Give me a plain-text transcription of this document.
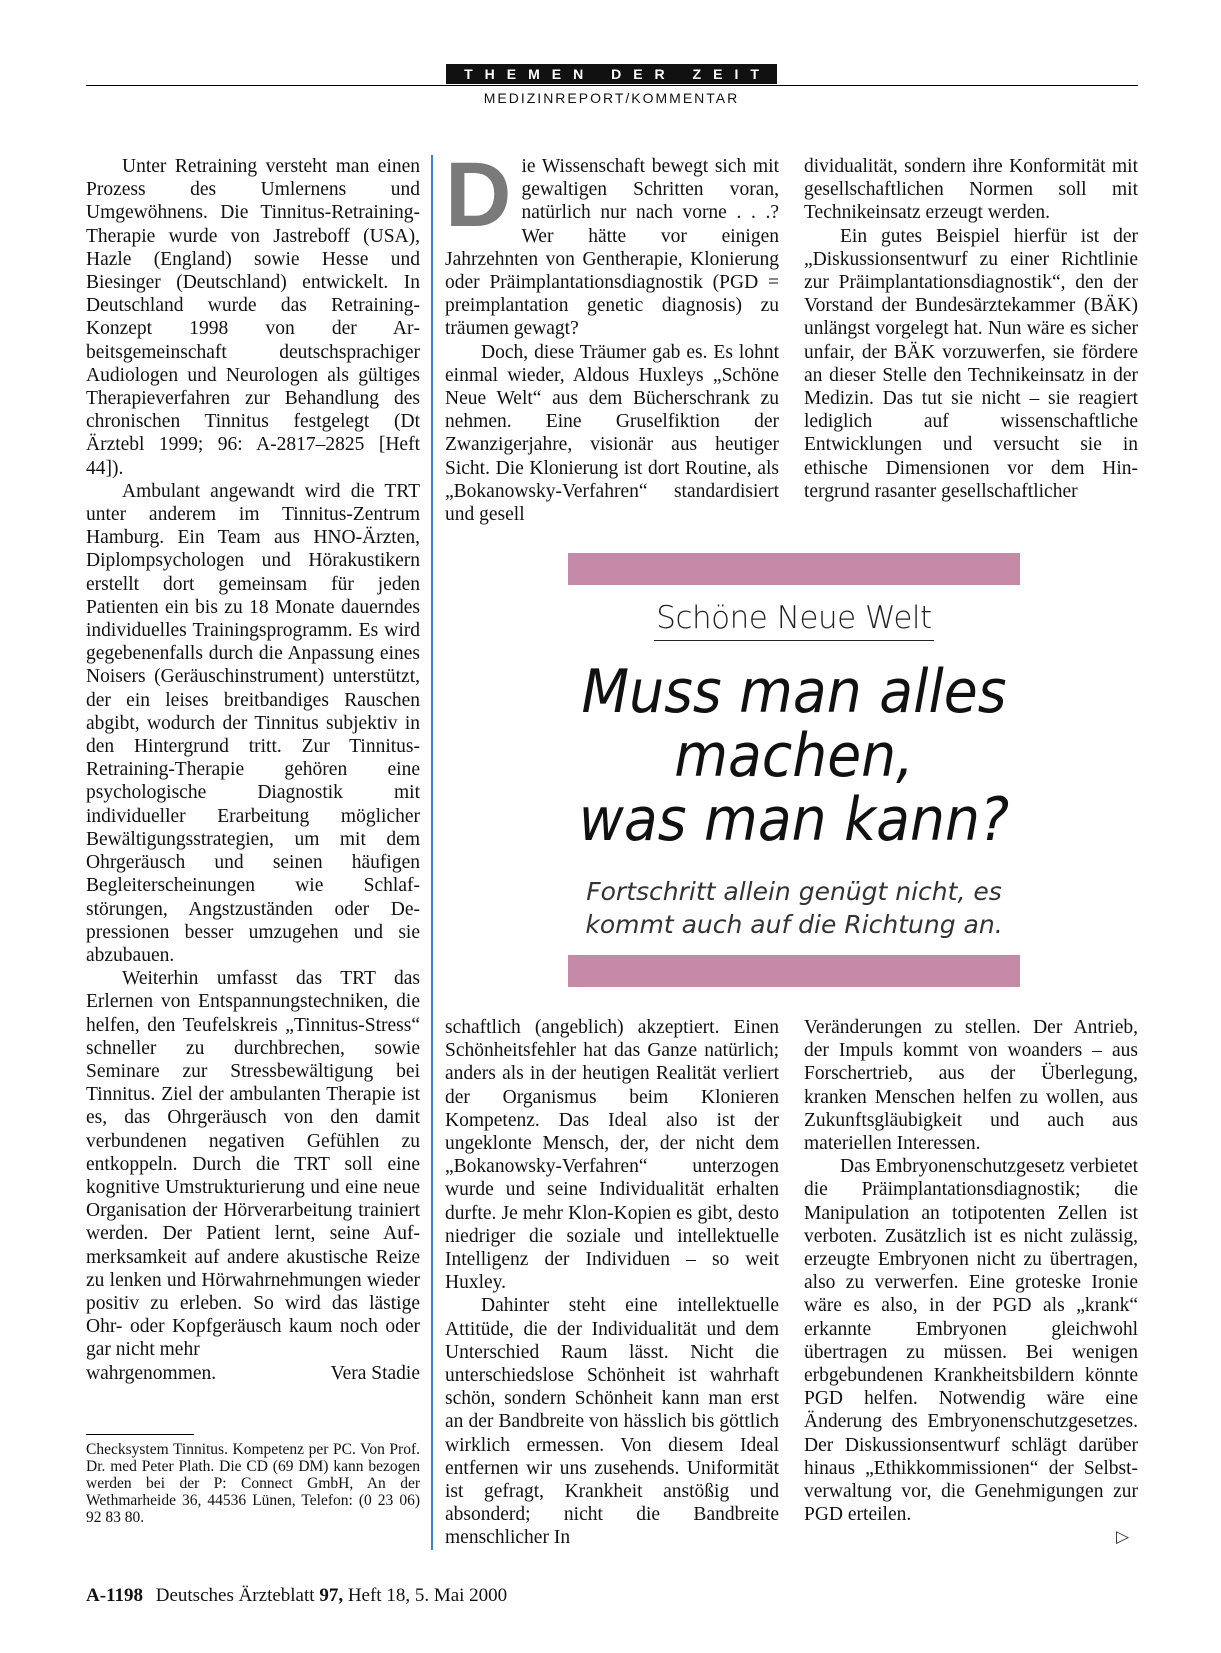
THEMEN DER ZEIT
MEDIZINREPORT/KOMMENTAR

Unter Retraining versteht man einen Prozess des Umlernens und Umgewöhnens. Die Tinnitus-Retraining-Therapie wurde von Jastreboff (USA), Hazle (England) sowie Hesse und Biesinger (Deutschland) entwickelt. In Deutschland wurde das Retraining-Konzept 1998 von der Arbeitsgemeinschaft deutschsprachiger Audiologen und Neurologen als gültiges Therapieverfahren zur Behandlung des chronischen Tinnitus festgelegt (Dt Ärztebl 1999; 96: A-2817–2825 [Heft 44]).

Ambulant angewandt wird die TRT unter anderem im Tinnitus-Zentrum Hamburg. Ein Team aus HNO-Ärzten, Diplompsychologen und Hörakustikern erstellt dort gemeinsam für jeden Patienten ein bis zu 18 Monate dauerndes individuelles Trainingsprogramm. Es wird gegebenenfalls durch die Anpassung eines Noisers (Geräuschinstrument) unterstützt, der ein leises breitbandiges Rauschen abgibt, wodurch der Tinnitus subjektiv in den Hintergrund tritt. Zur Tinnitus-Retraining-Therapie gehören eine psychologische Diagnostik mit individueller Erarbeitung möglicher Bewältigungsstrategien, um mit dem Ohrgeräusch und seinen häufigen Begleiterscheinungen wie Schlafstörungen, Angstzuständen oder Depressionen besser umzugehen und sie abzubauen.

Weiterhin umfasst das TRT das Erlernen von Entspannungstechniken, die helfen, den Teufelskreis „Tinnitus-Stress“ schneller zu durchbrechen, sowie Seminare zur Stressbewältigung bei Tinnitus. Ziel der ambulanten Therapie ist es, das Ohrgeräusch von den damit verbundenen negativen Gefühlen zu entkoppeln. Durch die TRT soll eine kognitive Umstrukturierung und eine neue Organisation der Hörverarbeitung trainiert werden. Der Patient lernt, seine Aufmerksamkeit auf andere akustische Reize zu lenken und Hörwahrnehmungen wieder positiv zu erleben. So wird das lästige Ohr- oder Kopfgeräusch kaum noch oder gar nicht mehr

wahrgenommen.	Vera Stadie
Checksystem Tinnitus. Kompetenz per PC. Von Prof. Dr. med Peter Plath. Die CD (69 DM) kann bezogen werden bei der P: Connect GmbH, An der Wethmarheide 36, 44536 Lünen, Telefon: (0 23 06) 92 83 80.

Die Wissenschaft bewegt sich mit gewaltigen Schritten voran, natürlich nur nach vorne . . .? Wer hätte vor einigen Jahrzehnten von Gentherapie, Klonierung oder Präimplantationsdiagnostik (PGD = preimplantation genetic diagnosis) zu träumen gewagt?

Doch, diese Träumer gab es. Es lohnt einmal wieder, Aldous Huxleys „Schöne Neue Welt“ aus dem Bücherschrank zu nehmen. Eine Gruselfiktion der Zwanzigerjahre, visionär aus heutiger Sicht. Die Klonierung ist dort Routine, als „Bokanowsky-Verfahren“ standardisiert und gesell

dividualität, sondern ihre Konformität mit gesellschaftlichen Normen soll mit Technikeinsatz erzeugt werden.

Ein gutes Beispiel hierfür ist der „Diskussionsentwurf zu einer Richtlinie zur Präimplantationsdiagnostik“, den der Vorstand der Bundesärztekammer (BÄK) unlängst vorgelegt hat. Nun wäre es sicher unfair, der BÄK vorzuwerfen, sie fördere an dieser Stelle den Technikeinsatz in der Medizin. Das tut sie nicht – sie reagiert lediglich auf wissenschaftliche Entwicklungen und versucht sie in ethische Dimensionen vor dem Hintergrund rasanter gesellschaftlicher

Schöne Neue Welt
Muss man alles
machen,
was man kann?
Fortschritt allein genügt nicht, es kommt auch auf die Richtung an.

schaftlich (angeblich) akzeptiert. Einen Schönheitsfehler hat das Ganze natürlich; anders als in der heutigen Realität verliert der Organismus beim Klonieren Kompetenz. Das Ideal also ist der ungeklonte Mensch, der, der nicht dem „Bokanowsky-Verfahren“ unterzogen wurde und seine Individualität erhalten durfte. Je mehr Klon-Kopien es gibt, desto niedriger die soziale und intellektuelle Intelligenz der Individuen – so weit Huxley.

Dahinter steht eine intellektuelle Attitüde, die der Individualität und dem Unterschied Raum lässt. Nicht die unterschiedslose Schönheit ist wahrhaft schön, sondern Schönheit kann man erst an der Bandbreite von hässlich bis göttlich wirklich ermessen. Von diesem Ideal entfernen wir uns zusehends. Uniformität ist gefragt, Krankheit anstößig und absonderd; nicht die Bandbreite menschlicher In

Veränderungen zu stellen. Der Antrieb, der Impuls kommt von woanders – aus Forschertrieb, aus der Überlegung, kranken Menschen helfen zu wollen, aus Zukunftsgläubigkeit und auch aus materiellen Interessen.

Das Embryonenschutzgesetz verbietet die Präimplantationsdiagnostik; die Manipulation an totipotenten Zellen ist verboten. Zusätzlich ist es nicht zulässig, erzeugte Embryonen nicht zu übertragen, also zu verwerfen. Eine groteske Ironie wäre es also, in der PGD als „krank“ erkannte Embryonen gleichwohl übertragen zu müssen. Bei wenigen erbgebundenen Krankheitsbildern könnte PGD helfen. Notwendig wäre eine Änderung des Embryonenschutzgesetzes. Der Diskussionsentwurf schlägt darüber hinaus „Ethikkommissionen“ der Selbstverwaltung vor, die Genehmigungen zur PGD erteilen.

▷
A-1198 Deutsches Ärzteblatt 97, Heft 18, 5. Mai 2000
